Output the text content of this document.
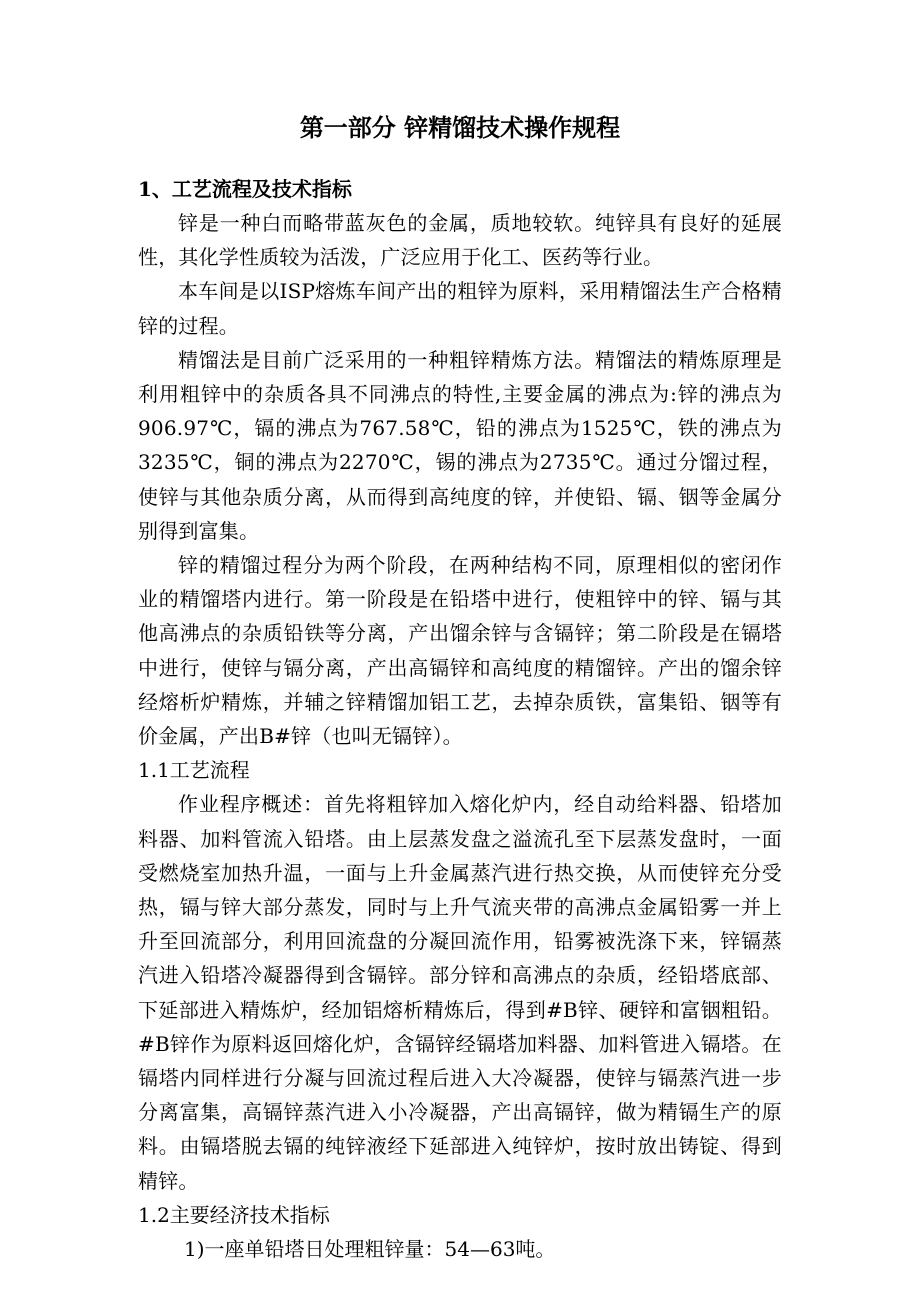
第一部分 锌精馏技术操作规程
1、工艺流程及技术指标

锌是一种白而略带蓝灰色的金属，质地较软。纯锌具有良好的延展性，其化学性质较为活泼，广泛应用于化工、医药等行业。

本车间是以ISP熔炼车间产出的粗锌为原料，采用精馏法生产合格精锌的过程。

精馏法是目前广泛采用的一种粗锌精炼方法。精馏法的精炼原理是利用粗锌中的杂质各具不同沸点的特性,主要金属的沸点为:锌的沸点为906.97℃，镉的沸点为767.58℃，铅的沸点为1525℃，铁的沸点为3235℃，铜的沸点为2270℃，锡的沸点为2735℃。通过分馏过程，使锌与其他杂质分离，从而得到高纯度的锌，并使铅、镉、铟等金属分别得到富集。

锌的精馏过程分为两个阶段，在两种结构不同，原理相似的密闭作业的精馏塔内进行。第一阶段是在铅塔中进行，使粗锌中的锌、镉与其他高沸点的杂质铅铁等分离，产出馏余锌与含镉锌；第二阶段是在镉塔中进行，使锌与镉分离，产出高镉锌和高纯度的精馏锌。产出的馏余锌经熔析炉精炼，并辅之锌精馏加铝工艺，去掉杂质铁，富集铅、铟等有价金属，产出B#锌（也叫无镉锌）。

1.1工艺流程

作业程序概述：首先将粗锌加入熔化炉内，经自动给料器、铅塔加料器、加料管流入铅塔。由上层蒸发盘之溢流孔至下层蒸发盘时，一面受燃烧室加热升温，一面与上升金属蒸汽进行热交换，从而使锌充分受热，镉与锌大部分蒸发，同时与上升气流夹带的高沸点金属铅雾一并上升至回流部分，利用回流盘的分凝回流作用，铅雾被洗涤下来，锌镉蒸汽进入铅塔冷凝器得到含镉锌。部分锌和高沸点的杂质，经铅塔底部、下延部进入精炼炉，经加铝熔析精炼后，得到#B锌、硬锌和富铟粗铅。#B锌作为原料返回熔化炉，含镉锌经镉塔加料器、加料管进入镉塔。在镉塔内同样进行分凝与回流过程后进入大冷凝器，使锌与镉蒸汽进一步分离富集，高镉锌蒸汽进入小冷凝器，产出高镉锌，做为精镉生产的原料。由镉塔脱去镉的纯锌液经下延部进入纯锌炉，按时放出铸锭、得到精锌。

1.2主要经济技术指标

1)一座单铅塔日处理粗锌量：54—63吨。
